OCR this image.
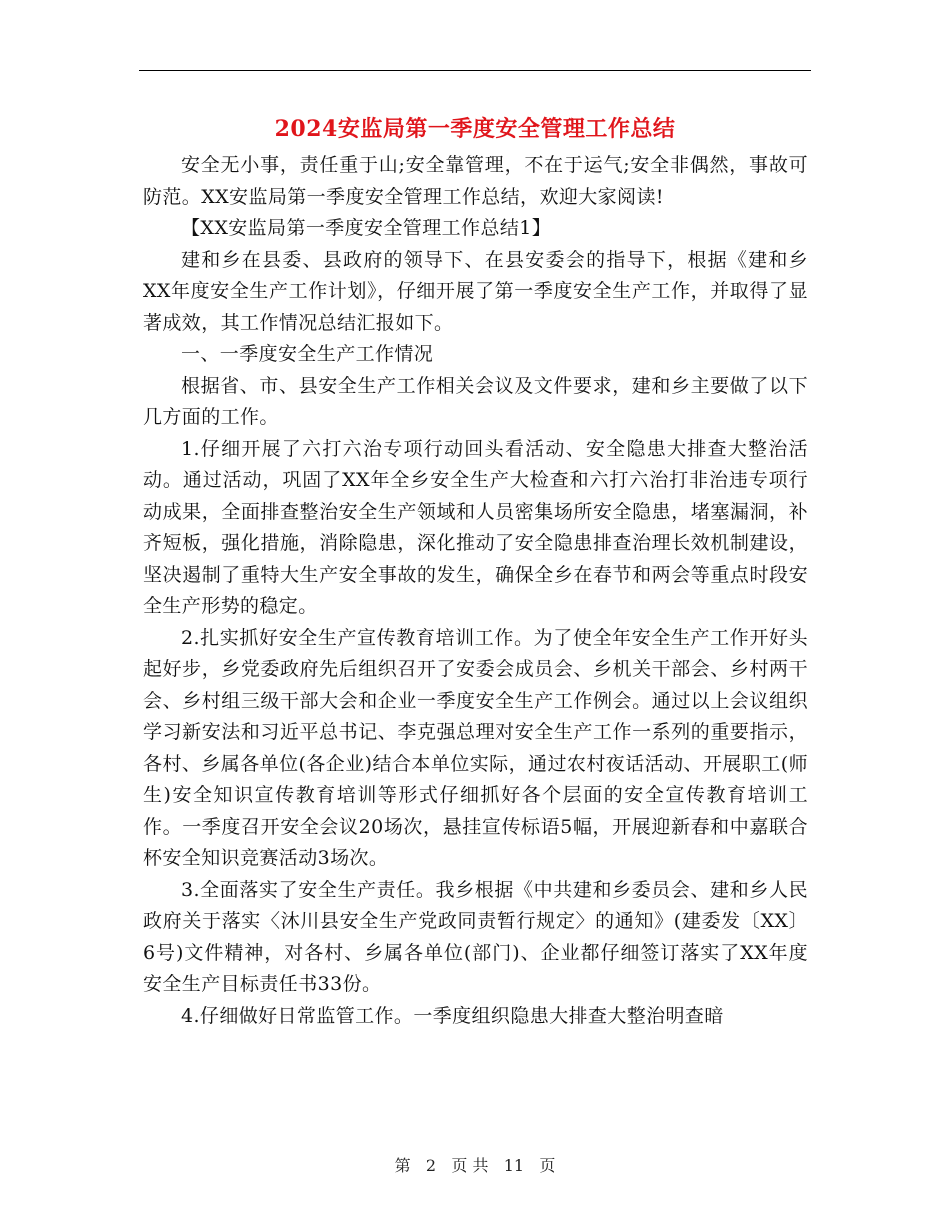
2024安监局第一季度安全管理工作总结

安全无小事，责任重于山;安全靠管理，不在于运气;安全非偶然，事故可防范。XX安监局第一季度安全管理工作总结，欢迎大家阅读!

【XX安监局第一季度安全管理工作总结1】

建和乡在县委、县政府的领导下、在县安委会的指导下，根据《建和乡XX年度安全生产工作计划》，仔细开展了第一季度安全生产工作，并取得了显著成效，其工作情况总结汇报如下。

一、一季度安全生产工作情况

根据省、市、县安全生产工作相关会议及文件要求，建和乡主要做了以下几方面的工作。

1.仔细开展了六打六治专项行动回头看活动、安全隐患大排查大整治活动。通过活动，巩固了XX年全乡安全生产大检查和六打六治打非治违专项行动成果，全面排查整治安全生产领域和人员密集场所安全隐患，堵塞漏洞，补齐短板，强化措施，消除隐患，深化推动了安全隐患排查治理长效机制建设，坚决遏制了重特大生产安全事故的发生，确保全乡在春节和两会等重点时段安全生产形势的稳定。

2.扎实抓好安全生产宣传教育培训工作。为了使全年安全生产工作开好头起好步，乡党委政府先后组织召开了安委会成员会、乡机关干部会、乡村两干会、乡村组三级干部大会和企业一季度安全生产工作例会。通过以上会议组织学习新安法和习近平总书记、李克强总理对安全生产工作一系列的重要指示，各村、乡属各单位(各企业)结合本单位实际，通过农村夜话活动、开展职工(师生)安全知识宣传教育培训等形式仔细抓好各个层面的安全宣传教育培训工作。一季度召开安全会议20场次，悬挂宣传标语5幅，开展迎新春和中嘉联合杯安全知识竞赛活动3场次。

3.全面落实了安全生产责任。我乡根据《中共建和乡委员会、建和乡人民政府关于落实〈沐川县安全生产党政同责暂行规定〉的通知》(建委发〔XX〕6号)文件精神，对各村、乡属各单位(部门)、企业都仔细签订落实了XX年度安全生产目标责任书33份。

4.仔细做好日常监管工作。一季度组织隐患大排查大整治明查暗

第 2 页 共 11 页
